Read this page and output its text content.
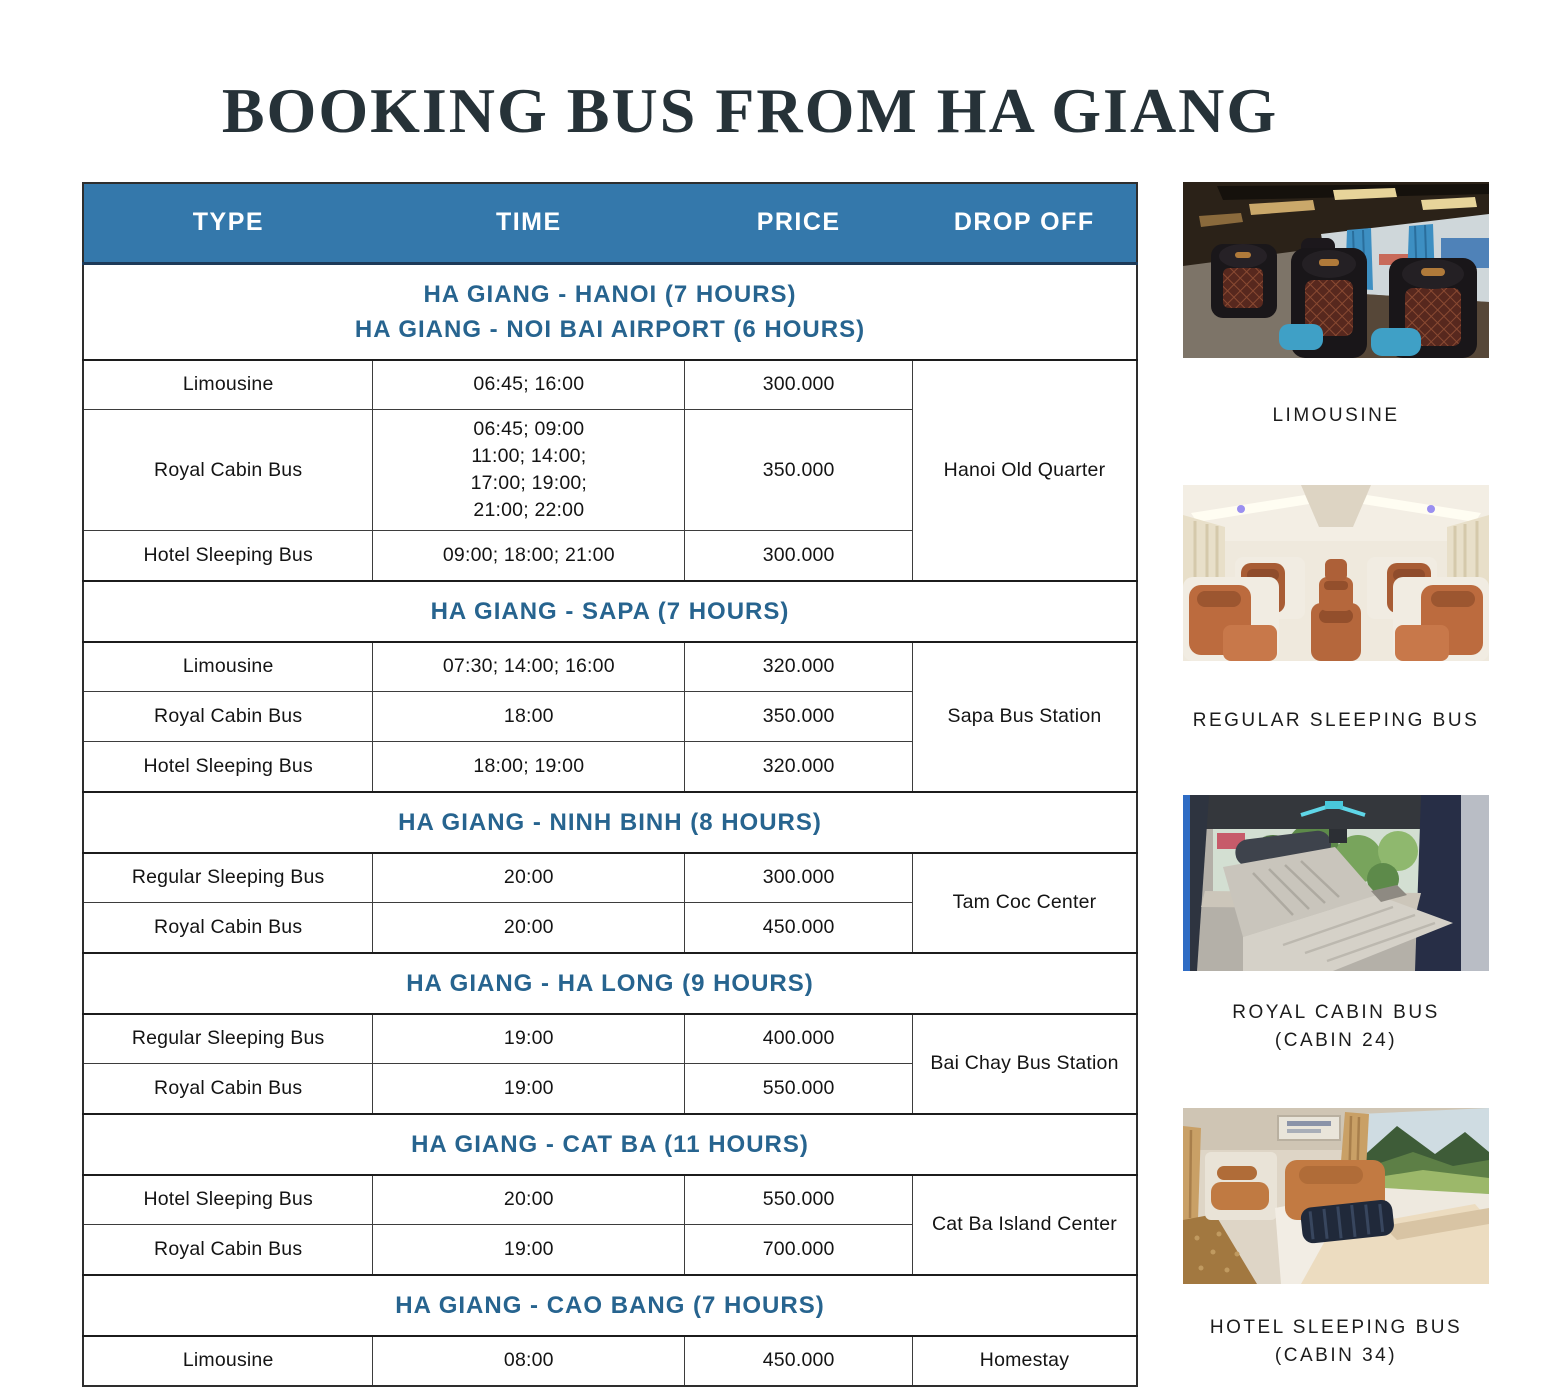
BOOKING BUS FROM HA GIANG
TYPE	TIME	PRICE	DROP OFF

HA GIANG - HANOI (7 HOURS)
HA GIANG - NOI BAI AIRPORT (6 HOURS)			

Limousine	06:45; 16:00	300.000	Hanoi Old Quarter
Royal Cabin Bus	06:45; 09:00
11:00; 14:00;
17:00; 19:00;
21:00; 22:00	350.000	
Hotel Sleeping Bus	09:00; 18:00; 21:00	300.000	

HA GIANG - SAPA (7 HOURS)			

Limousine	07:30; 14:00; 16:00	320.000	Sapa Bus Station
Royal Cabin Bus	18:00	350.000	
Hotel Sleeping Bus	18:00; 19:00	320.000	

HA GIANG - NINH BINH (8 HOURS)			

Regular Sleeping Bus	20:00	300.000	Tam Coc Center
Royal Cabin Bus	20:00	450.000	

HA GIANG - HA LONG (9 HOURS)			

Regular Sleeping Bus	19:00	400.000	Bai Chay Bus Station
Royal Cabin Bus	19:00	550.000	

HA GIANG - CAT BA (11 HOURS)			

Hotel Sleeping Bus	20:00	550.000	Cat Ba Island Center
Royal Cabin Bus	19:00	700.000	

HA GIANG - CAO BANG (7 HOURS)			

Limousine	08:00	450.000	Homestay
LIMOUSINE
REGULAR SLEEPING BUS
ROYAL CABIN BUS
(CABIN 24)
HOTEL SLEEPING BUS
(CABIN 34)
